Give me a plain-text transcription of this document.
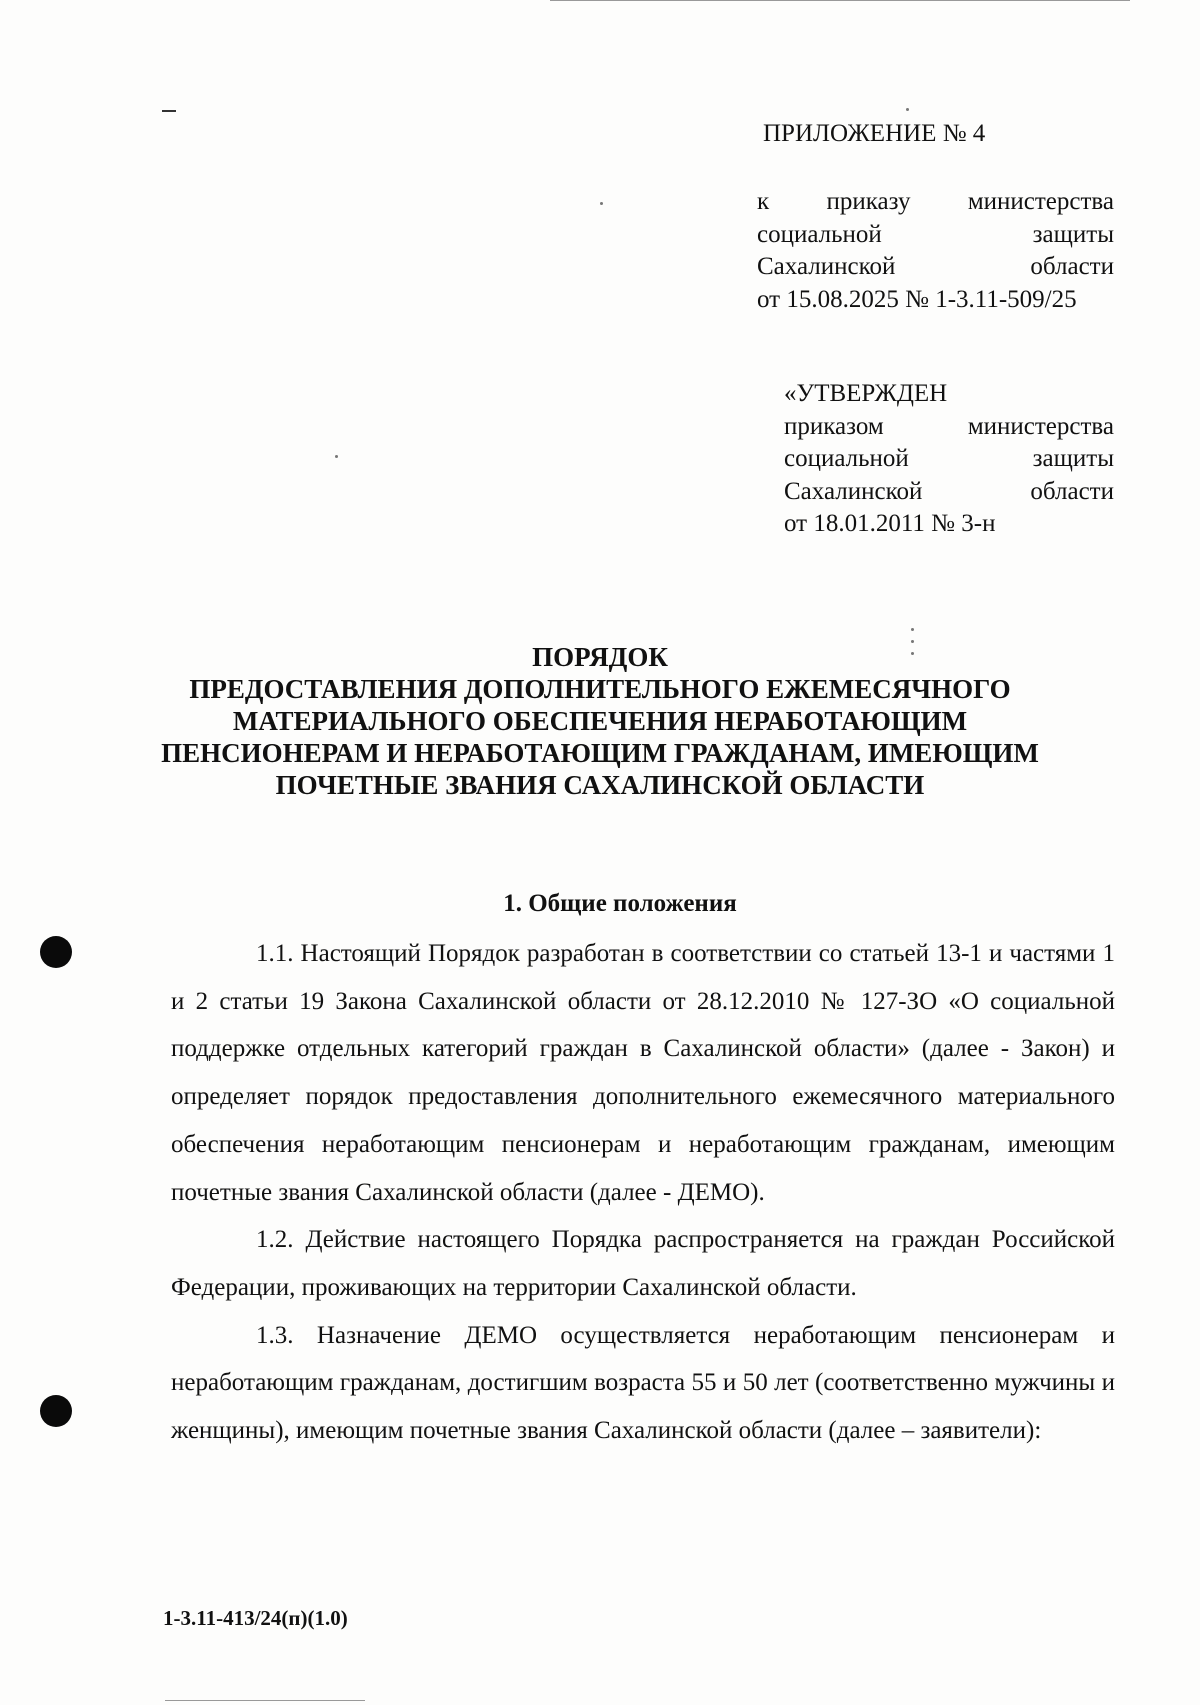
ПРИЛОЖЕНИЕ № 4
к приказу министерства
социальной	защиты
Сахалинской	области
от 15.08.2025 № 1-3.11-509/25
«УТВЕРЖДЕН
приказом	министерства
социальной	защиты
Сахалинской	области
от 18.01.2011 № 3-н
ПОРЯДОК
ПРЕДОСТАВЛЕНИЯ ДОПОЛНИТЕЛЬНОГО ЕЖЕМЕСЯЧНОГО
МАТЕРИАЛЬНОГО ОБЕСПЕЧЕНИЯ НЕРАБОТАЮЩИМ
ПЕНСИОНЕРАМ И НЕРАБОТАЮЩИМ ГРАЖДАНАМ, ИМЕЮЩИМ
ПОЧЕТНЫЕ ЗВАНИЯ САХАЛИНСКОЙ ОБЛАСТИ
1. Общие положения

1.1. Настоящий Порядок разработан в соответствии со статьей 13-1 и частями 1 и 2 статьи 19 Закона Сахалинской области от 28.12.2010 № 127-ЗО «О социальной поддержке отдельных категорий граждан в Сахалинской области» (далее - Закон) и определяет порядок предоставления дополнительного ежемесячного материального обеспечения неработающим пенсионерам и неработающим гражданам, имеющим почетные звания Сахалинской области (далее - ДЕМО).

1.2. Действие настоящего Порядка распространяется на граждан Российской Федерации, проживающих на территории Сахалинской области.

1.3. Назначение ДЕМО осуществляется неработающим пенсионерам и неработающим гражданам, достигшим возраста 55 и 50 лет (соответственно мужчины и женщины), имеющим почетные звания Сахалинской области (далее – заявители):

1-3.11-413/24(п)(1.0)
